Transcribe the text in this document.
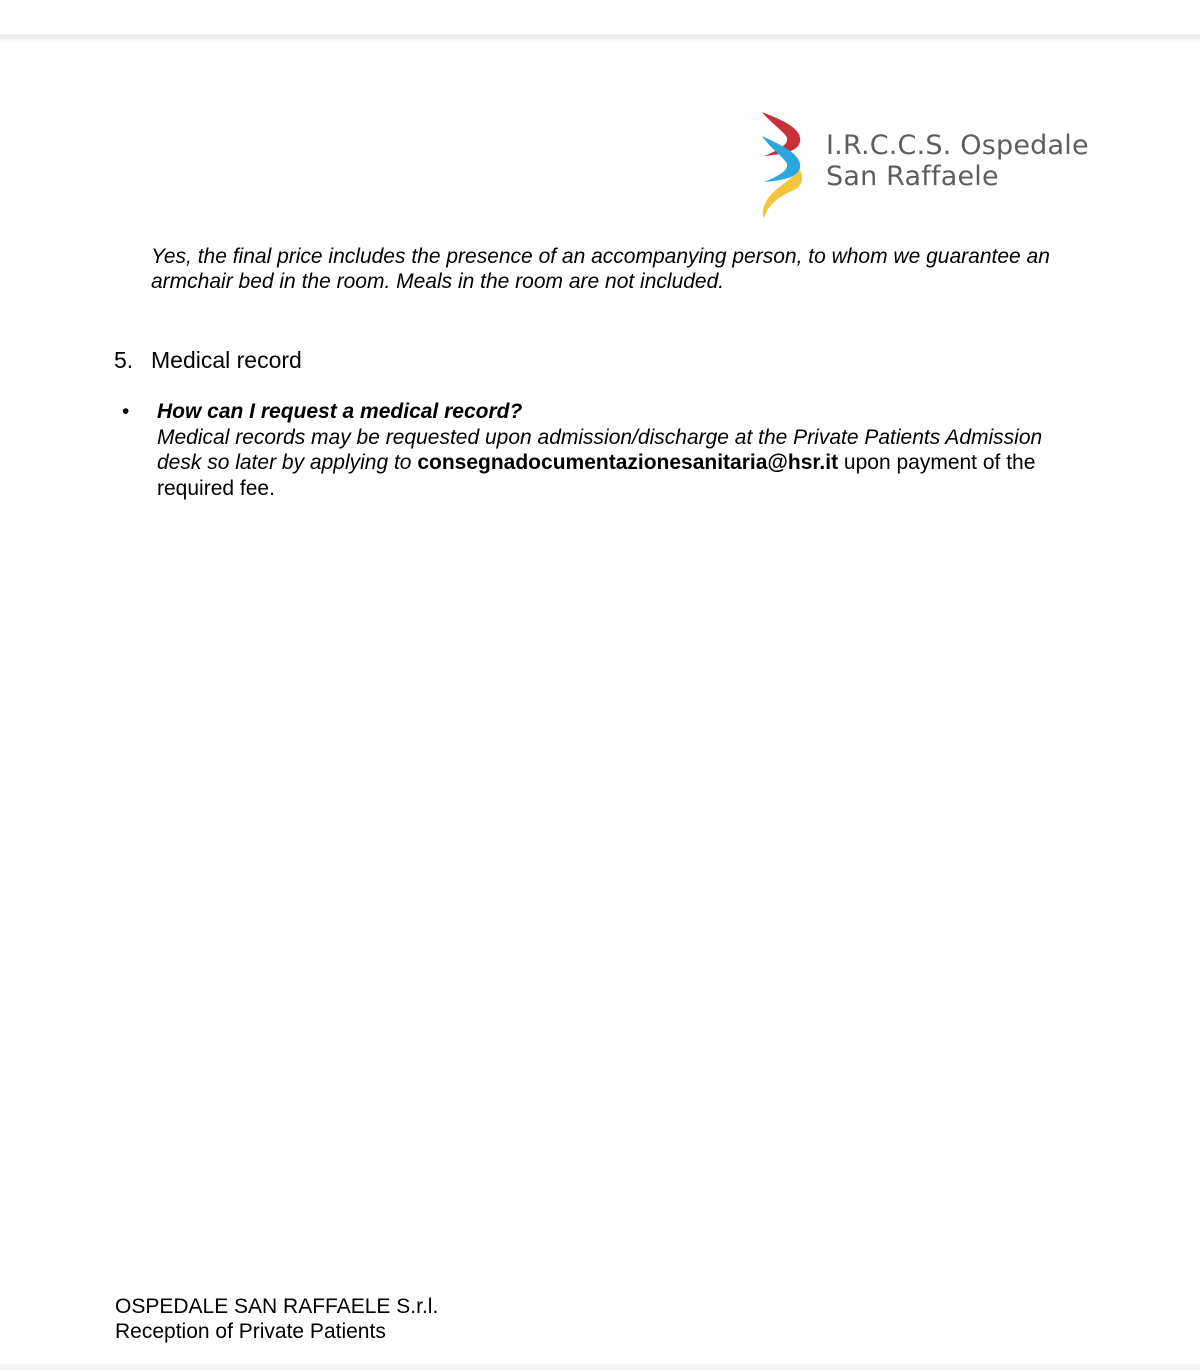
I.R.C.C.S. Ospedale
San Raffaele
Yes, the final price includes the presence of an accompanying person, to whom we guarantee an armchair bed in the room. Meals in the room are not included.
5. Medical record
• How can I request a medical record?
Medical records may be requested upon admission/discharge at the Private Patients Admission desk so later by applying to consegnadocumentazionesanitaria@hsr.it upon payment of the required fee.
OSPEDALE SAN RAFFAELE S.r.l.
Reception of Private Patients
